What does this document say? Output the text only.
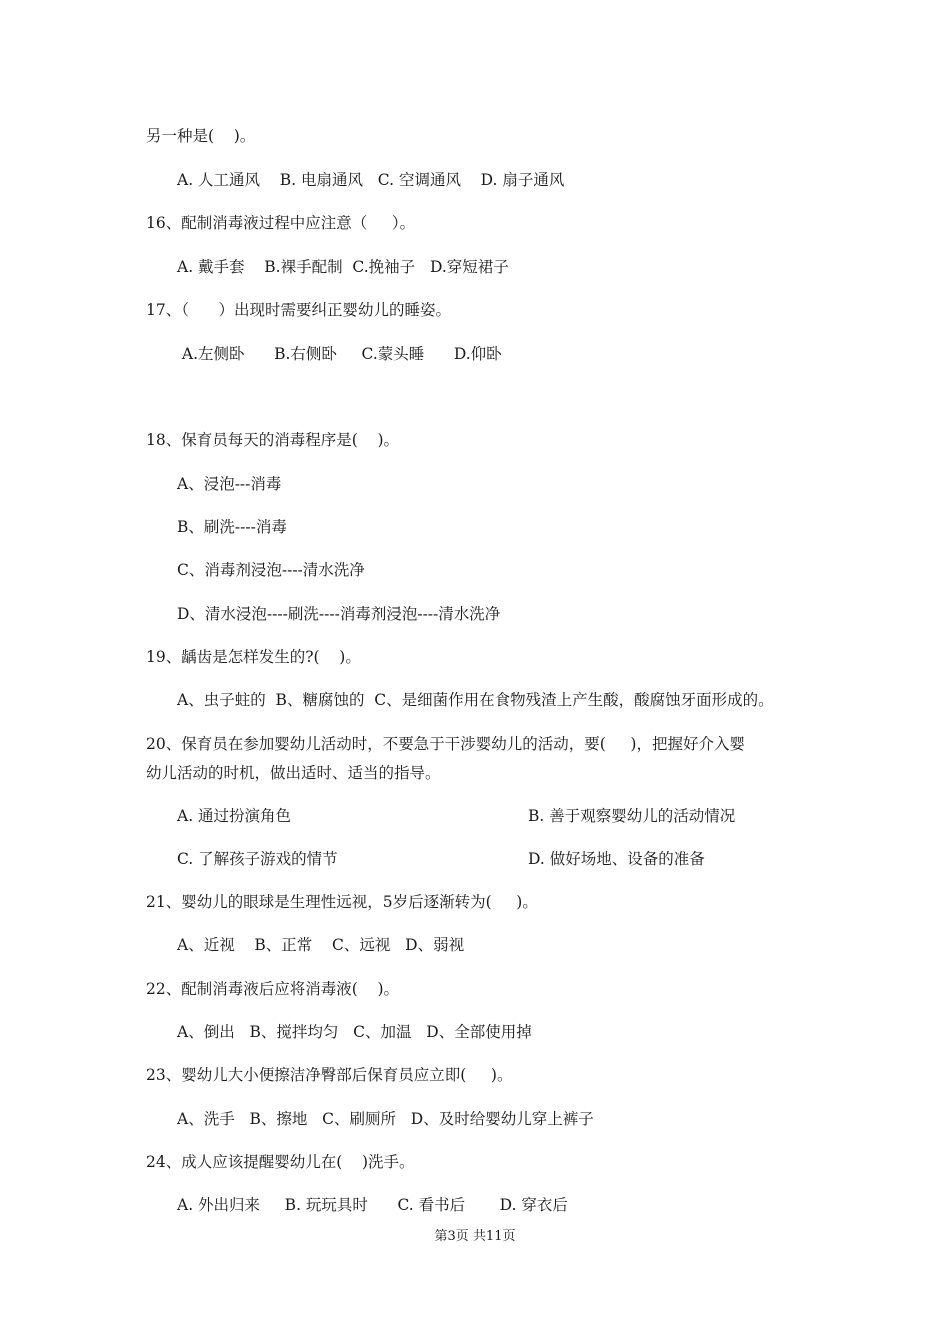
另一种是(    )。
A. 人工通风    B. 电扇通风   C. 空调通风    D. 扇子通风
16、配制消毒液过程中应注意（     ）。
A. 戴手套    B.裸手配制  C.挽袖子   D.穿短裙子
17、（      ）出现时需要纠正婴幼儿的睡姿。
A.左侧卧      B.右侧卧     C.蒙头睡      D.仰卧
18、保育员每天的消毒程序是(    )。
A、浸泡---消毒
B、刷洗----消毒
C、消毒剂浸泡----清水洗净
D、清水浸泡----刷洗----消毒剂浸泡----清水洗净
19、龋齿是怎样发生的?(    )。
A、虫子蛀的  B、糖腐蚀的  C、是细菌作用在食物残渣上产生酸，酸腐蚀牙面形成的。
20、保育员在参加婴幼儿活动时，不要急于干涉婴幼儿的活动，要(     )，把握好介入婴
幼儿活动的时机，做出适时、适当的指导。
A. 通过扮演角色	B. 善于观察婴幼儿的活动情况
C. 了解孩子游戏的情节	D. 做好场地、设备的准备
21、婴幼儿的眼球是生理性远视，5岁后逐渐转为(     )。
A、近视    B、正常    C、远视   D、弱视
22、配制消毒液后应将消毒液(    )。
A、倒出   B、搅拌均匀   C、加温   D、全部使用掉
23、婴幼儿大小便擦洁净臀部后保育员应立即(     )。
A、洗手   B、擦地   C、刷厕所   D、及时给婴幼儿穿上裤子
24、成人应该提醒婴幼儿在(    )洗手。
A. 外出归来     B. 玩玩具时      C. 看书后       D. 穿衣后
第3页 共11页
